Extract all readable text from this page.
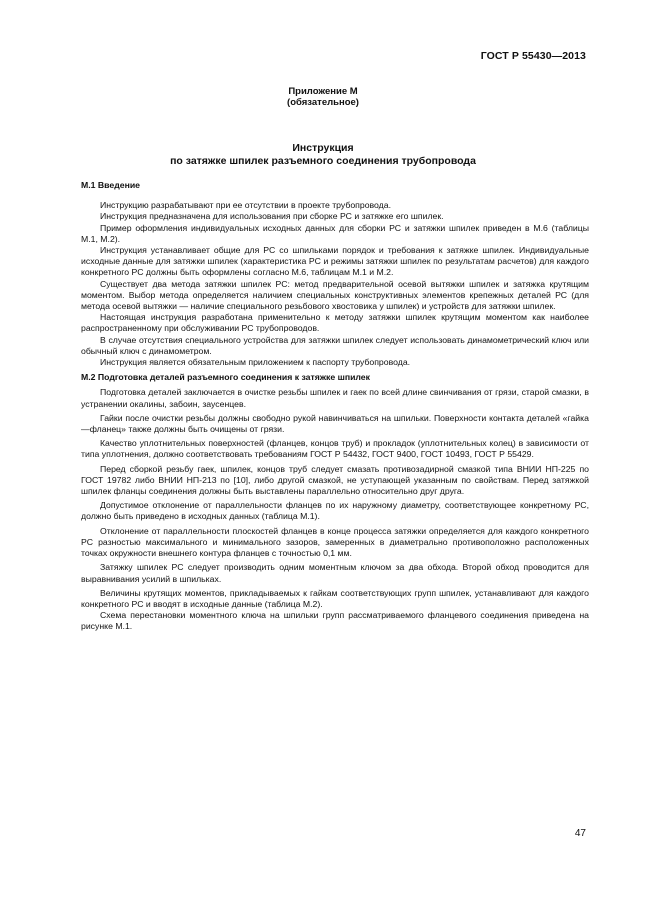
ГОСТ Р 55430—2013
Приложение М
(обязательное)
Инструкция
по затяжке шпилек разъемного соединения трубопровода
М.1 Введение

Инструкцию разрабатывают при ее отсутствии в проекте трубопровода.

Инструкция предназначена для использования при сборке РС и затяжке его шпилек.

Пример оформления индивидуальных исходных данных для сборки РС и затяжки шпилек приведен в М.6 (таблицы М.1, М.2).

Инструкция устанавливает общие для РС со шпильками порядок и требования к затяжке шпилек. Индивидуальные исходные данные для затяжки шпилек (характеристика РС и режимы затяжки шпилек по результатам расчетов) для каждого конкретного РС должны быть оформлены согласно М.6, таблицам М.1 и М.2.

Существует два метода затяжки шпилек РС: метод предварительной осевой вытяжки шпилек и затяжка крутящим моментом. Выбор метода определяется наличием специальных конструктивных элементов крепежных деталей РС (для метода осевой вытяжки — наличие специального резьбового хвостовика у шпилек) и устройств для затяжки шпилек.

Настоящая инструкция разработана применительно к методу затяжки шпилек крутящим моментом как наиболее распространенному при обслуживании РС трубопроводов.

В случае отсутствия специального устройства для затяжки шпилек следует использовать динамометрический ключ или обычный ключ с динамометром.

Инструкция является обязательным приложением к паспорту трубопровода.

М.2 Подготовка деталей разъемного соединения к затяжке шпилек

Подготовка деталей заключается в очистке резьбы шпилек и гаек по всей длине свинчивания от грязи, старой смазки, в устранении окалины, забоин, заусенцев.

Гайки после очистки резьбы должны свободно рукой навинчиваться на шпильки. Поверхности контакта деталей «гайка—фланец» также должны быть очищены от грязи.

Качество уплотнительных поверхностей (фланцев, концов труб) и прокладок (уплотнительных колец) в зависимости от типа уплотнения, должно соответствовать требованиям ГОСТ Р 54432, ГОСТ 9400, ГОСТ 10493, ГОСТ Р 55429.

Перед сборкой резьбу гаек, шпилек, концов труб следует смазать противозадирной смазкой типа ВНИИ НП-225 по ГОСТ 19782 либо ВНИИ НП-213 по [10], либо другой смазкой, не уступающей указанным по свойствам. Перед затяжкой шпилек фланцы соединения должны быть выставлены параллельно относительно друг друга.

Допустимое отклонение от параллельности фланцев по их наружному диаметру, соответствующее конкретному РС, должно быть приведено в исходных данных (таблица М.1).

Отклонение от параллельности плоскостей фланцев в конце процесса затяжки определяется для каждого конкретного РС разностью максимального и минимального зазоров, замеренных в диаметрально противоположно расположенных точках окружности внешнего контура фланцев с точностью 0,1 мм.

Затяжку шпилек РС следует производить одним моментным ключом за два обхода. Второй обход проводится для выравнивания усилий в шпильках.

Величины крутящих моментов, прикладываемых к гайкам соответствующих групп шпилек, устанавливают для каждого конкретного РС и вводят в исходные данные (таблица М.2).

Схема перестановки моментного ключа на шпильки групп рассматриваемого фланцевого соединения приведена на рисунке М.1.

47
